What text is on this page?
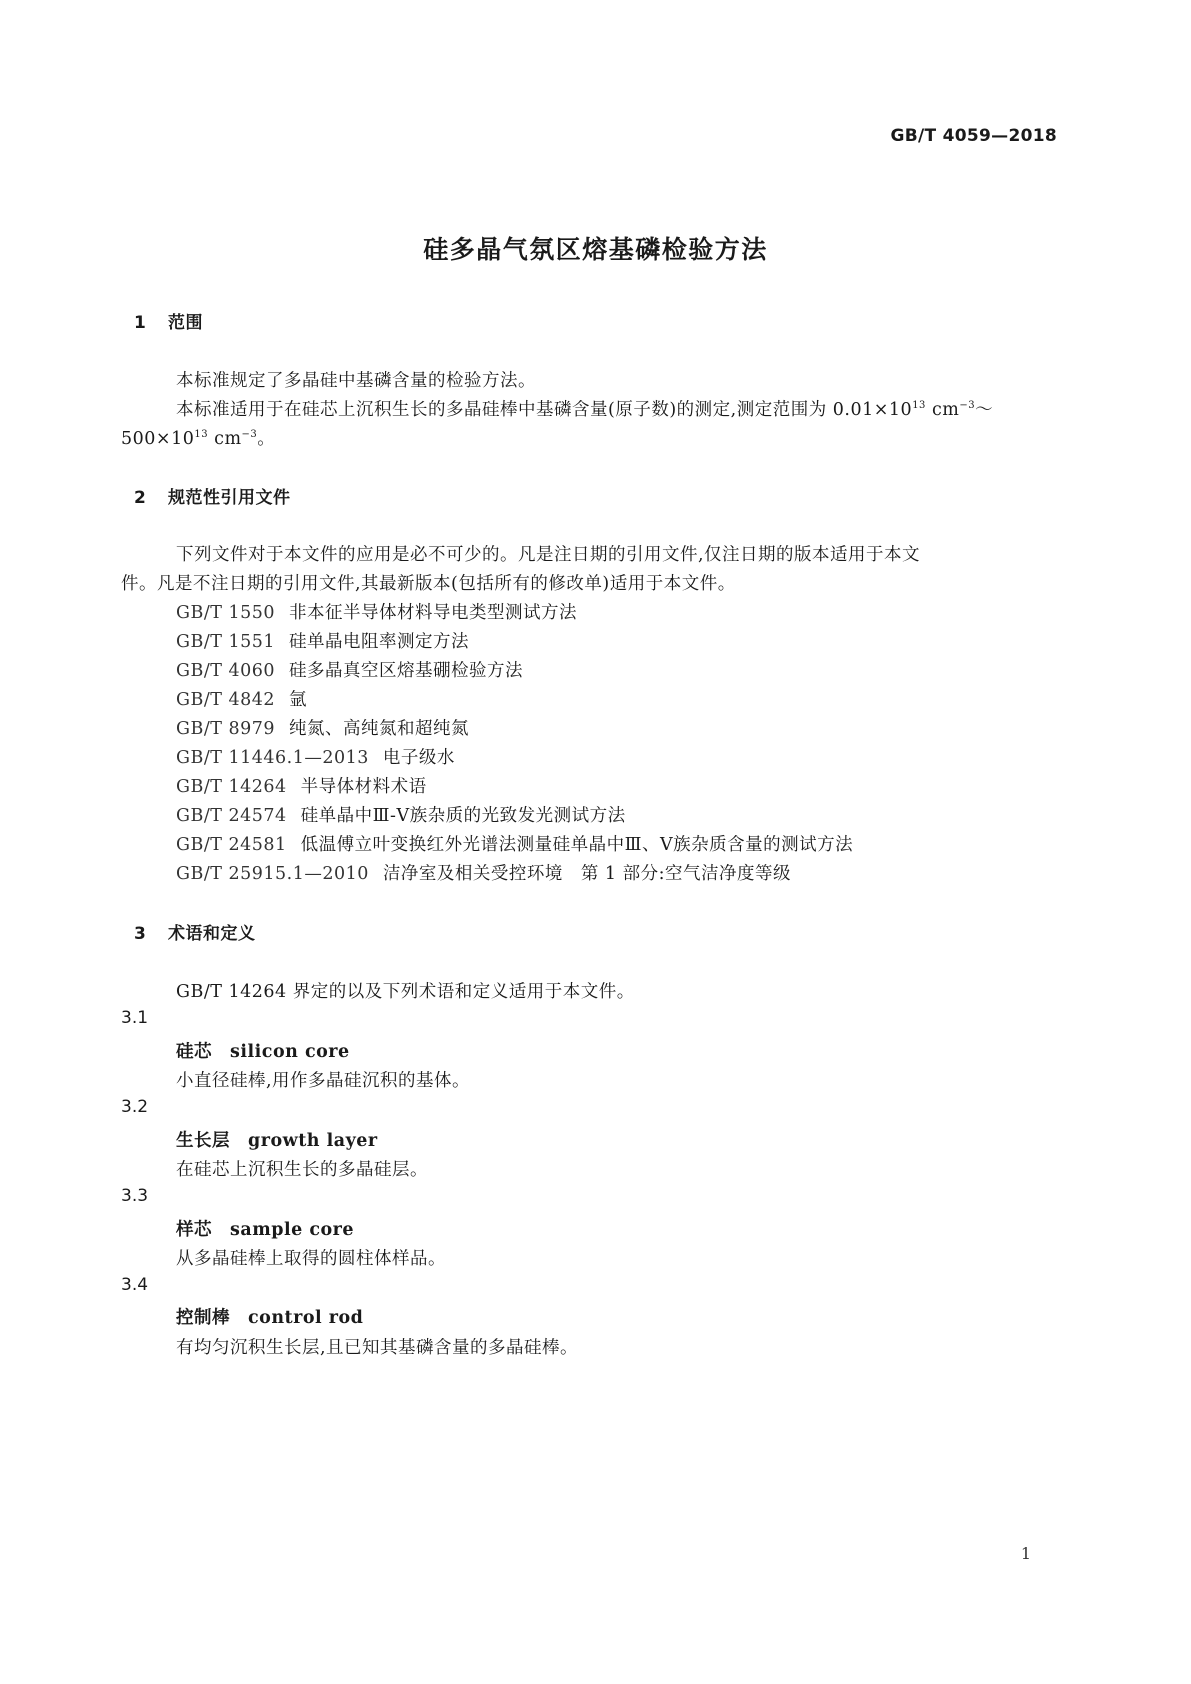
GB/T 4059—2018
硅多晶气氛区熔基磷检验方法
1 范围
本标准规定了多晶硅中基磷含量的检验方法。
本标准适用于在硅芯上沉积生长的多晶硅棒中基磷含量(原子数)的测定,测定范围为 $0.01\times 10^{13}$ $cm^{-3}\sim$
$500\times 10^{13}$ $cm^{-3}$。
2 规范性引用文件
下列文件对于本文件的应用是必不可少的。凡是注日期的引用文件,仅注日期的版本适用于本文
件。凡是不注日期的引用文件,其最新版本(包括所有的修改单)适用于本文件。
GB/T 1550 非本征半导体材料导电类型测试方法
GB/T 1551 硅单晶电阻率测定方法
GB/T 4060 硅多晶真空区熔基硼检验方法
GB/T 4842 氩
GB/T 8979 纯氮、高纯氮和超纯氮
GB/T 11446.1—2013 电子级水
GB/T 14264 半导体材料术语
GB/T 24574 硅单晶中Ⅲ-Ⅴ族杂质的光致发光测试方法
GB/T 24581 低温傅立叶变换红外光谱法测量硅单晶中Ⅲ、Ⅴ族杂质含量的测试方法
GB/T 25915.1—2010 洁净室及相关受控环境　第 1 部分:空气洁净度等级
3 术语和定义
GB/T 14264 界定的以及下列术语和定义适用于本文件。
3.1
硅芯 silicon core
小直径硅棒,用作多晶硅沉积的基体。
3.2
生长层 growth layer
在硅芯上沉积生长的多晶硅层。
3.3
样芯 sample core
从多晶硅棒上取得的圆柱体样品。
3.4
控制棒 control rod
有均匀沉积生长层,且已知其基磷含量的多晶硅棒。
1
